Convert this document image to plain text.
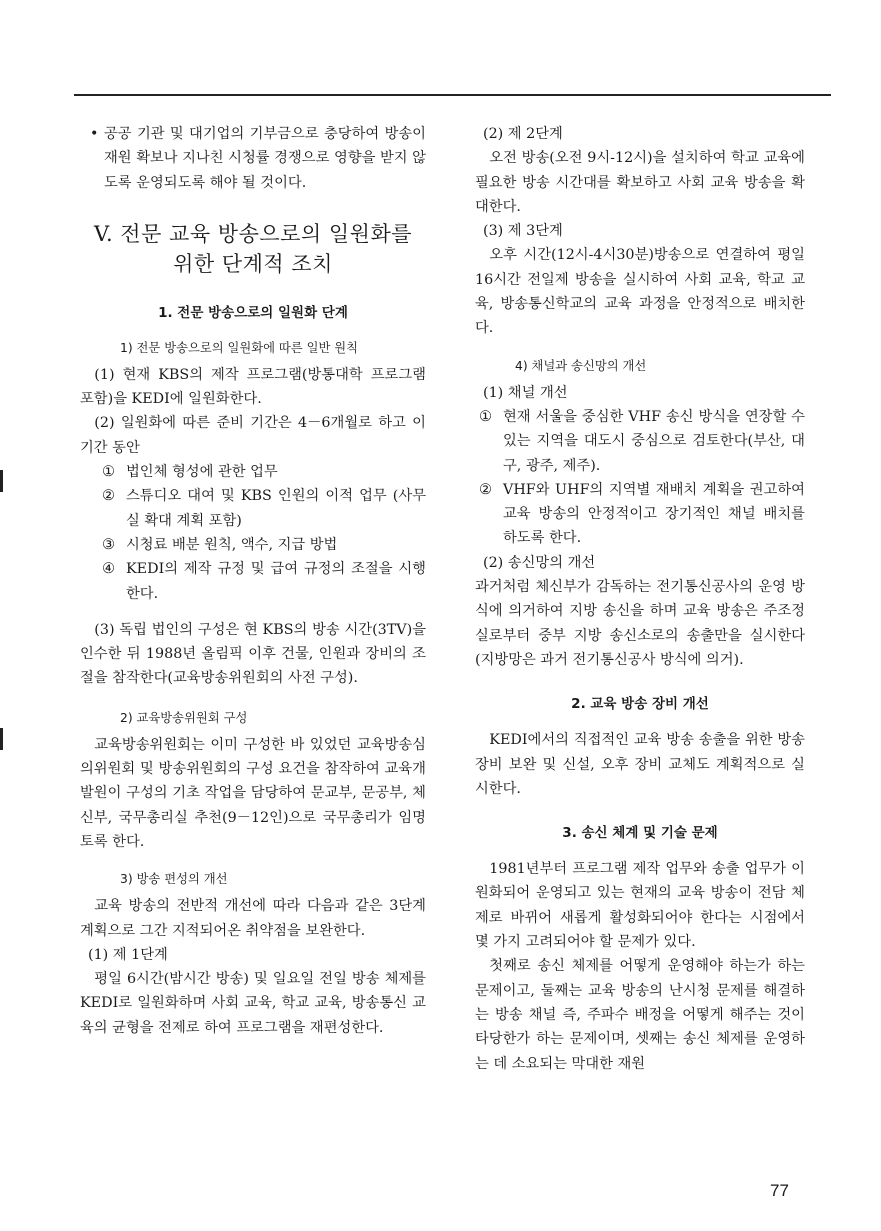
• 공공 기관 및 대기업의 기부금으로 충당하여 방송이 재원 확보나 지나친 시청률 경쟁으로 영향을 받지 않도록 운영되도록 해야 될 것이다.

V. 전문 교육 방송으로의 일원화를
위한 단계적 조치
1. 전문 방송으로의 일원화 단계
1) 전문 방송으로의 일원화에 따른 일반 원칙

(1) 현재 KBS의 제작 프로그램(방통대학 프로그램 포함)을 KEDI에 일원화한다.

(2) 일원화에 따른 준비 기간은 4－6개월로 하고 이 기간 동안

① 법인체 형성에 관한 업무

② 스튜디오 대여 및 KBS 인원의 이적 업무 (사무실 확대 계획 포함)

③ 시청료 배분 원칙, 액수, 지급 방법

④ KEDI의 제작 규정 및 급여 규정의 조절을 시행한다.

(3) 독립 법인의 구성은 현 KBS의 방송 시간(3TV)을 인수한 뒤 1988년 올림픽 이후 건물, 인원과 장비의 조절을 참작한다(교육방송위원회의 사전 구성).

2) 교육방송위원회 구성

교육방송위원회는 이미 구성한 바 있었던 교육방송심의위원회 및 방송위원회의 구성 요건을 참작하여 교육개발원이 구성의 기초 작업을 담당하여 문교부, 문공부, 체신부, 국무총리실 추천(9－12인)으로 국무총리가 임명토록 한다.

3) 방송 편성의 개선

교육 방송의 전반적 개선에 따라 다음과 같은 3단계 계획으로 그간 지적되어온 취약점을 보완한다.

(1) 제 1단계

평일 6시간(밤시간 방송) 및 일요일 전일 방송 체제를 KEDI로 일원화하며 사회 교육, 학교 교육, 방송통신 교육의 균형을 전제로 하여 프로그램을 재편성한다.

(2) 제 2단계

오전 방송(오전 9시-12시)을 설치하여 학교 교육에 필요한 방송 시간대를 확보하고 사회 교육 방송을 확대한다.

(3) 제 3단계

오후 시간(12시-4시30분)방송으로 연결하여 평일 16시간 전일제 방송을 실시하여 사회 교육, 학교 교육, 방송통신학교의 교육 과정을 안정적으로 배치한다.

4) 채널과 송신망의 개선

(1) 채널 개선

① 현재 서울을 중심한 VHF 송신 방식을 연장할 수 있는 지역을 대도시 중심으로 검토한다(부산, 대구, 광주, 제주).

② VHF와 UHF의 지역별 재배치 계획을 권고하여 교육 방송의 안정적이고 장기적인 채널 배치를 하도록 한다.

(2) 송신망의 개선

과거처럼 체신부가 감독하는 전기통신공사의 운영 방식에 의거하여 지방 송신을 하며 교육 방송은 주조정실로부터 중부 지방 송신소로의 송출만을 실시한다(지방망은 과거 전기통신공사 방식에 의거).

2. 교육 방송 장비 개선

KEDI에서의 직접적인 교육 방송 송출을 위한 방송 장비 보완 및 신설, 오후 장비 교체도 계획적으로 실시한다.

3. 송신 체계 및 기술 문제

1981년부터 프로그램 제작 업무와 송출 업무가 이원화되어 운영되고 있는 현재의 교육 방송이 전담 체제로 바뀌어 새롭게 활성화되어야 한다는 시점에서 몇 가지 고려되어야 할 문제가 있다.

첫째로 송신 체제를 어떻게 운영해야 하는가 하는 문제이고, 둘째는 교육 방송의 난시청 문제를 해결하는 방송 채널 즉, 주파수 배정을 어떻게 해주는 것이 타당한가 하는 문제이며, 셋째는 송신 체제를 운영하는 데 소요되는 막대한 재원

77
